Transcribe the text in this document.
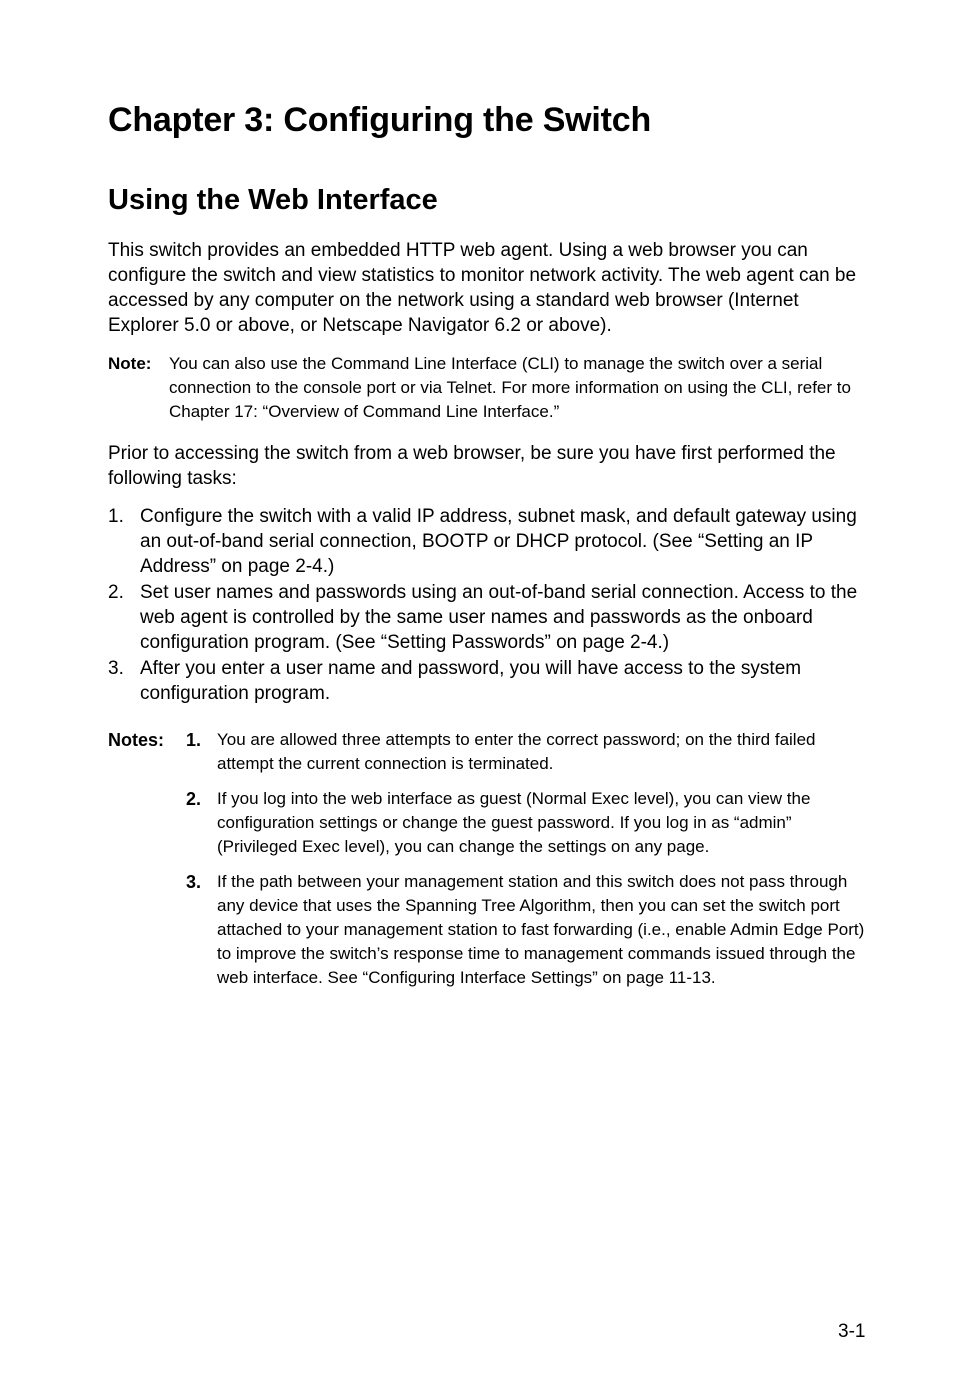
Chapter 3: Configuring the Switch
Using the Web Interface

This switch provides an embedded HTTP web agent. Using a web browser you can configure the switch and view statistics to monitor network activity. The web agent can be accessed by any computer on the network using a standard web browser (Internet Explorer 5.0 or above, or Netscape Navigator 6.2 or above).

Note:	You can also use the Command Line Interface (CLI) to manage the switch over a serial connection to the console port or via Telnet. For more information on using the CLI, refer to Chapter 17: “Overview of Command Line Interface.”

Prior to accessing the switch from a web browser, be sure you have first performed the following tasks:

1. Configure the switch with a valid IP address, subnet mask, and default gateway using an out-of-band serial connection, BOOTP or DHCP protocol. (See “Setting an IP Address” on page 2-4.)
2. Set user names and passwords using an out-of-band serial connection. Access to the web agent is controlled by the same user names and passwords as the onboard configuration program. (See “Setting Passwords” on page 2-4.)
3. After you enter a user name and password, you will have access to the system configuration program.
Notes: 1. You are allowed three attempts to enter the correct password; on the third failed attempt the current connection is terminated.
2. If you log into the web interface as guest (Normal Exec level), you can view the configuration settings or change the guest password. If you log in as “admin” (Privileged Exec level), you can change the settings on any page.
3. If the path between your management station and this switch does not pass through any device that uses the Spanning Tree Algorithm, then you can set the switch port attached to your management station to fast forwarding (i.e., enable Admin Edge Port) to improve the switch’s response time to management commands issued through the web interface. See “Configuring Interface Settings” on page 11-13.
3-1
